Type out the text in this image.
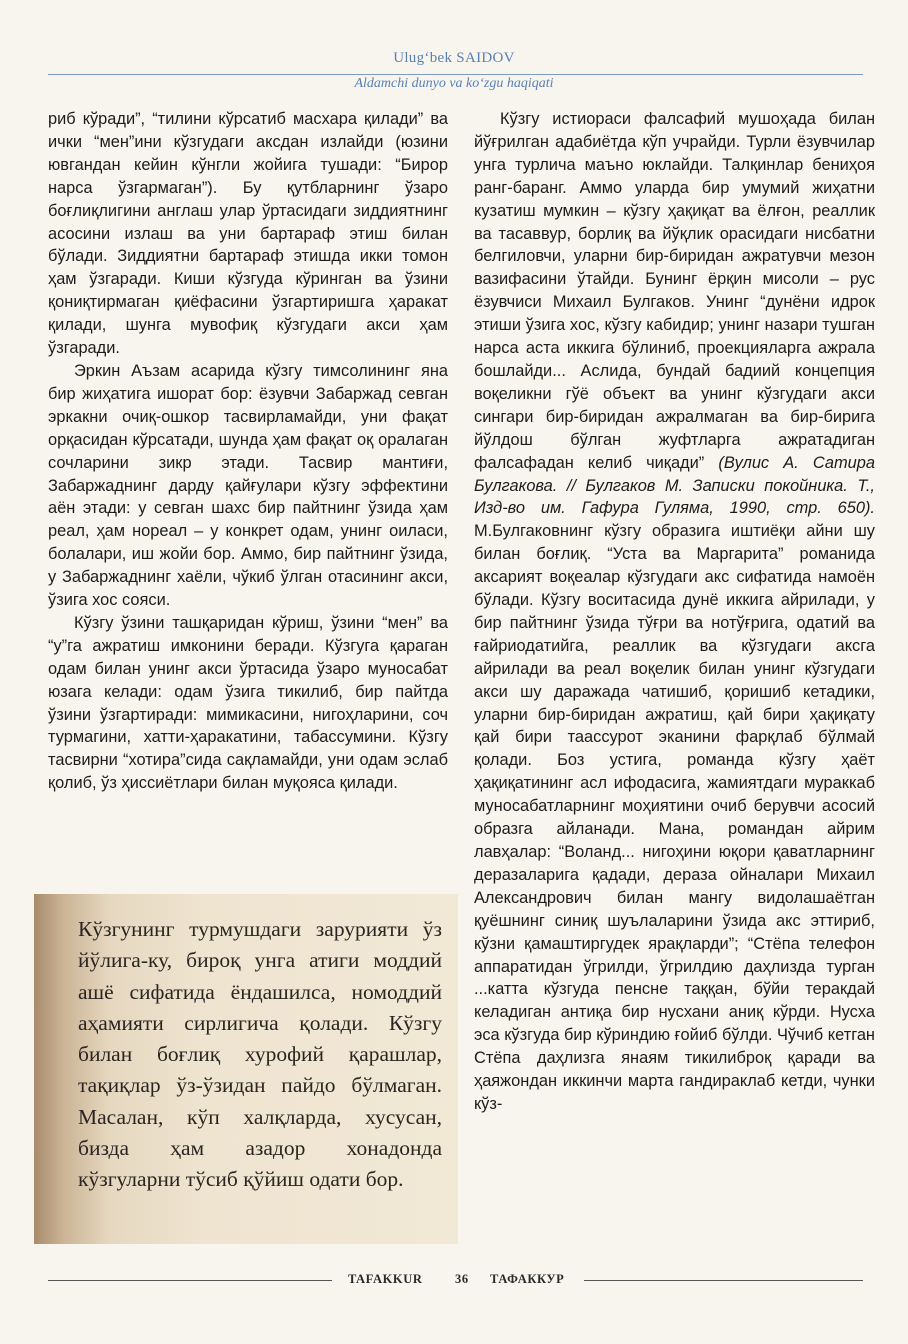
Ulug‘bek SAIDOV
Aldamchi dunyo va ko‘zgu haqiqati

риб кўради”, “тилини кўрсатиб масхара қилади” ва ички “мен”ини кўзгудаги аксдан излайди (юзини ювгандан кейин кўнгли жойига тушади: “Бирор нарса ўзгармаган”). Бу қутбларнинг ўзаро боғлиқлигини англаш улар ўртасидаги зиддиятнинг асосини излаш ва уни бартараф этиш билан бўлади. Зиддиятни бартараф этишда икки томон ҳам ўзгаради. Киши кўзгуда кўринган ва ўзини қониқтирмаган қиёфасини ўзгартиришга ҳаракат қилади, шунга мувофиқ кўзгудаги акси ҳам ўзгаради.

Эркин Аъзам асарида кўзгу тимсолининг яна бир жиҳатига ишорат бор: ёзувчи Забаржад севган эркакни очиқ-ошкор тасвирламайди, уни фақат орқасидан кўрсатади, шунда ҳам фақат оқ оралаган сочларини зикр этади. Тасвир мантиғи, Забаржаднинг дарду қайғулари кўзгу эффектини аён этади: у севган шахс бир пайтнинг ўзида ҳам реал, ҳам нореал – у конкрет одам, унинг оиласи, болалари, иш жойи бор. Аммо, бир пайтнинг ўзида, у Забаржаднинг хаёли, чўкиб ўлган отасининг акси, ўзига хос сояси.

Кўзгу ўзини ташқаридан кўриш, ўзини “мен” ва “у”га ажратиш имконини беради. Кўзгуга қараган одам билан унинг акси ўртасида ўзаро муносабат юзага келади: одам ўзига тикилиб, бир пайтда ўзини ўзгартиради: мимикасини, нигоҳларини, соч турмагини, хатти-ҳаракатини, табассумини. Кўзгу тасвирни “хотира”сида сақламайди, уни одам эслаб қолиб, ўз ҳиссиётлари билан муқояса қилади.

Кўзгунинг турмушдаги зарурияти ўз йўлига-ку, бироқ унга атиги моддий ашё сифатида ёндашилса, номоддий аҳамияти сирлигича қолади. Кўзгу билан боғлиқ хурофий қарашлар, тақиқлар ўз-ўзидан пайдо бўлмаган. Масалан, кўп халқларда, хусусан, бизда ҳам азадор хонадонда кўзгуларни тўсиб қўйиш одати бор.

Кўзгу истиораси фалсафий мушоҳада билан йўғрилган адабиётда кўп учрайди. Турли ёзувчилар унга турлича маъно юклайди. Талқинлар бениҳоя ранг-баранг. Аммо уларда бир умумий жиҳатни кузатиш мумкин – кўзгу ҳақиқат ва ёлғон, реаллик ва тасаввур, борлиқ ва йўқлик орасидаги нисбатни белгиловчи, уларни бир-биридан ажратувчи мезон вазифасини ўтайди. Бунинг ёрқин мисоли – рус ёзувчиси Михаил Булгаков. Унинг “дунёни идрок этиши ўзига хос, кўзгу кабидир; унинг назари тушган нарса аста иккига бўлиниб, проекцияларга ажрала бошлайди... Аслида, бундай бадиий концепция воқеликни гўё объект ва унинг кўзгудаги акси сингари бир-биридан ажралмаган ва бир-бирига йўлдош бўлган жуфтларга ажратадиган фалсафадан келиб чиқади” (Вулис А. Сатира Булгакова. // Булгаков М. Записки покойника. Т., Изд-во им. Гафура Гуляма, 1990, стр. 650). М.Булгаковнинг кўзгу образига иштиёқи айни шу билан боғлиқ. “Уста ва Маргарита” романида аксарият воқеалар кўзгудаги акс сифатида намоён бўлади. Кўзгу воситасида дунё иккига айрилади, у бир пайтнинг ўзида тўғри ва нотўғрига, одатий ва ғайриодатийга, реаллик ва кўзгудаги аксга айрилади ва реал воқелик билан унинг кўзгудаги акси шу даражада чатишиб, қоришиб кетадики, уларни бир-биридан ажратиш, қай бири ҳақиқату қай бири таассурот эканини фарқлаб бўлмай қолади. Боз устига, романда кўзгу ҳаёт ҳақиқатининг асл ифодасига, жамиятдаги мураккаб муносабатларнинг моҳиятини очиб берувчи асосий образга айланади. Мана, романдан айрим лавҳалар: “Воланд... нигоҳини юқори қаватларнинг деразаларига қадади, дераза ойналари Михаил Александрович билан мангу видолашаётган қуёшнинг синиқ шуълаларини ўзида акс эттириб, кўзни қамаштиргудек ярақларди”; “Стёпа телефон аппаратидан ўгрилди, ўгрилдию даҳлизда турган ...катта кўзгуда пенсне таққан, бўйи теракдай келадиган антиқа бир нусхани аниқ кўрди. Нусха эса кўзгуда бир кўриндию ғойиб бўлди. Чўчиб кетган Стёпа даҳлизга янаям тикилиброқ қаради ва ҳаяжондан иккинчи марта гандираклаб кетди, чунки кўз-

TAFAKKUR	36 ТАФАККУР
